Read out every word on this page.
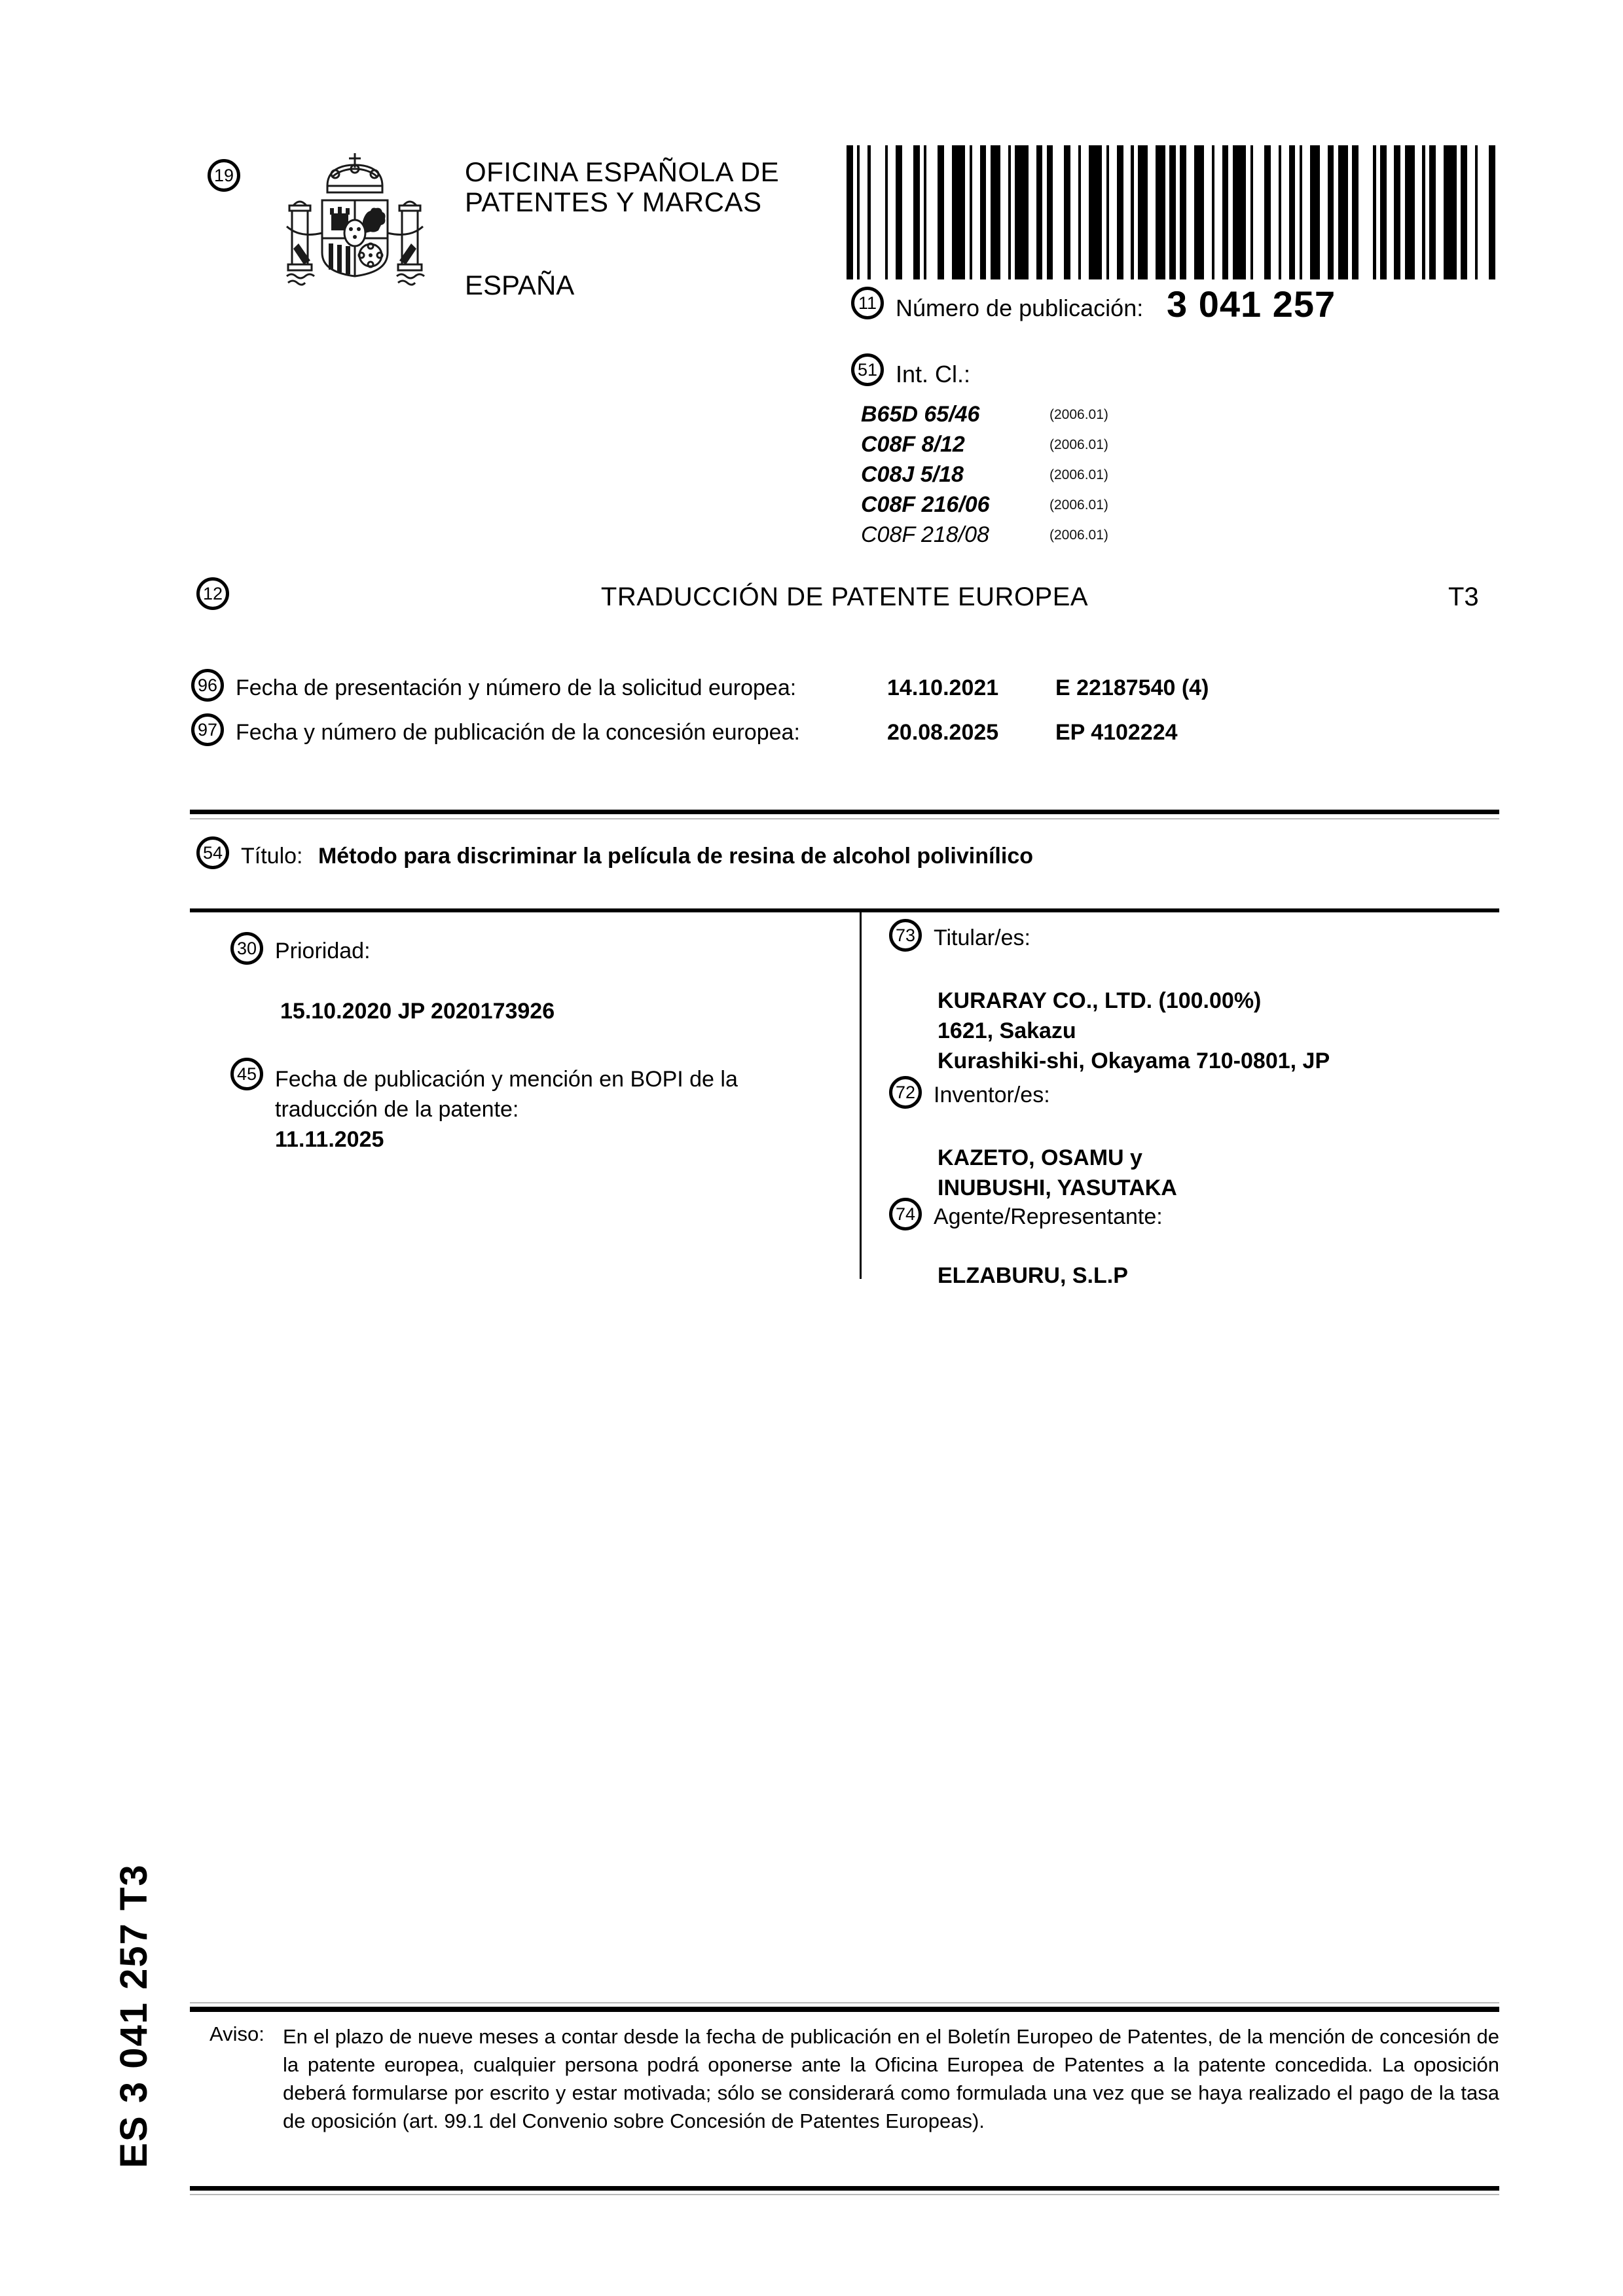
19	OFICINA ESPAÑOLA DE
PATENTES Y MARCAS
ESPAÑA
11 Número de publicación: 3 041 257
51 Int. Cl.:
B65D 65/46	(2006.01)
C08F 8/12	(2006.01)
C08J 5/18	(2006.01)
C08F 216/06	(2006.01)
C08F 218/08	(2006.01)
12	TRADUCCIÓN DE PATENTE EUROPEA	T3
96 Fecha de presentación y número de la solicitud europea:	14.10.2021	E 22187540 (4)
97 Fecha y número de publicación de la concesión europea:	20.08.2025	EP 4102224
54 Título: Método para discriminar la película de resina de alcohol polivinílico
30 Prioridad:
15.10.2020 JP 2020173926
45 Fecha de publicación y mención en BOPI de la
traducción de la patente:
11.11.2025
73 Titular/es:
KURARAY CO., LTD. (100.00%)
1621, Sakazu
Kurashiki-shi, Okayama 710-0801, JP
72 Inventor/es:
KAZETO, OSAMU y
INUBUSHI, YASUTAKA
74 Agente/Representante:
ELZABURU, S.L.P
ES 3 041 257 T3	Aviso: En el plazo de nueve meses a contar desde la fecha de publicación en el Boletín Europeo de Patentes, de la mención de concesión de la patente europea, cualquier persona podrá oponerse ante la Oficina Europea de Patentes a la patente concedida. La oposición deberá formularse por escrito y estar motivada; sólo se considerará como formulada una vez que se haya realizado el pago de la tasa de oposición (art. 99.1 del Convenio sobre Concesión de Patentes Europeas).
